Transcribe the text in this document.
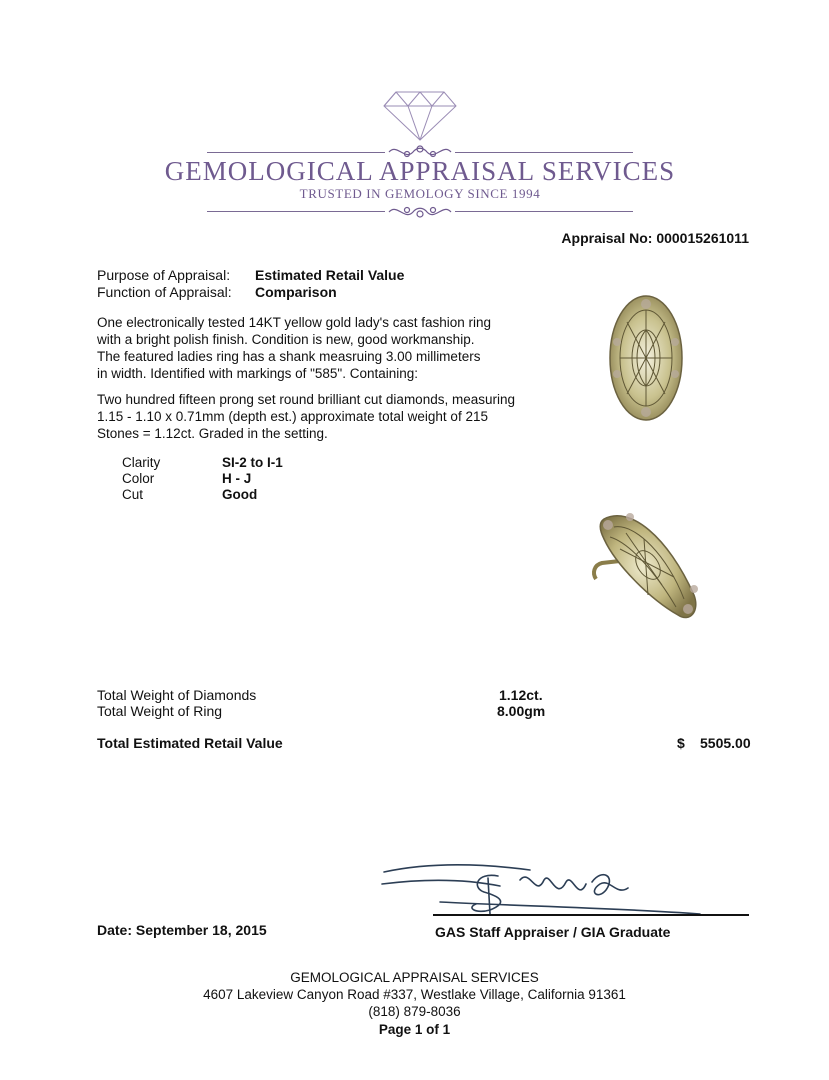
GEMOLOGICAL APPRAISAL SERVICES
TRUSTED IN GEMOLOGY SINCE 1994
Appraisal No: 000015261011
Purpose of Appraisal: Estimated Retail Value
Function of Appraisal: Comparison
One electronically tested 14KT yellow gold lady's cast fashion ring
with a bright polish finish. Condition is new, good workmanship.
The featured ladies ring has a shank measruing 3.00 millimeters
in width. Identified with markings of "585". Containing:
Two hundred fifteen prong set round brilliant cut diamonds, measuring
1.15 - 1.10 x 0.71mm (depth est.) approximate total weight of 215
Stones = 1.12ct. Graded in the setting.
Clarity	SI-2 to I-1
Color	H - J
Cut	Good
Total Weight of Diamonds	1.12ct.
Total Weight of Ring	8.00gm
Total Estimated Retail Value	$ 5505.00
Date: September 18, 2015	GAS Staff Appraiser / GIA Graduate
GEMOLOGICAL APPRAISAL SERVICES
4607 Lakeview Canyon Road #337, Westlake Village, California 91361
(818) 879-8036
Page 1 of 1
